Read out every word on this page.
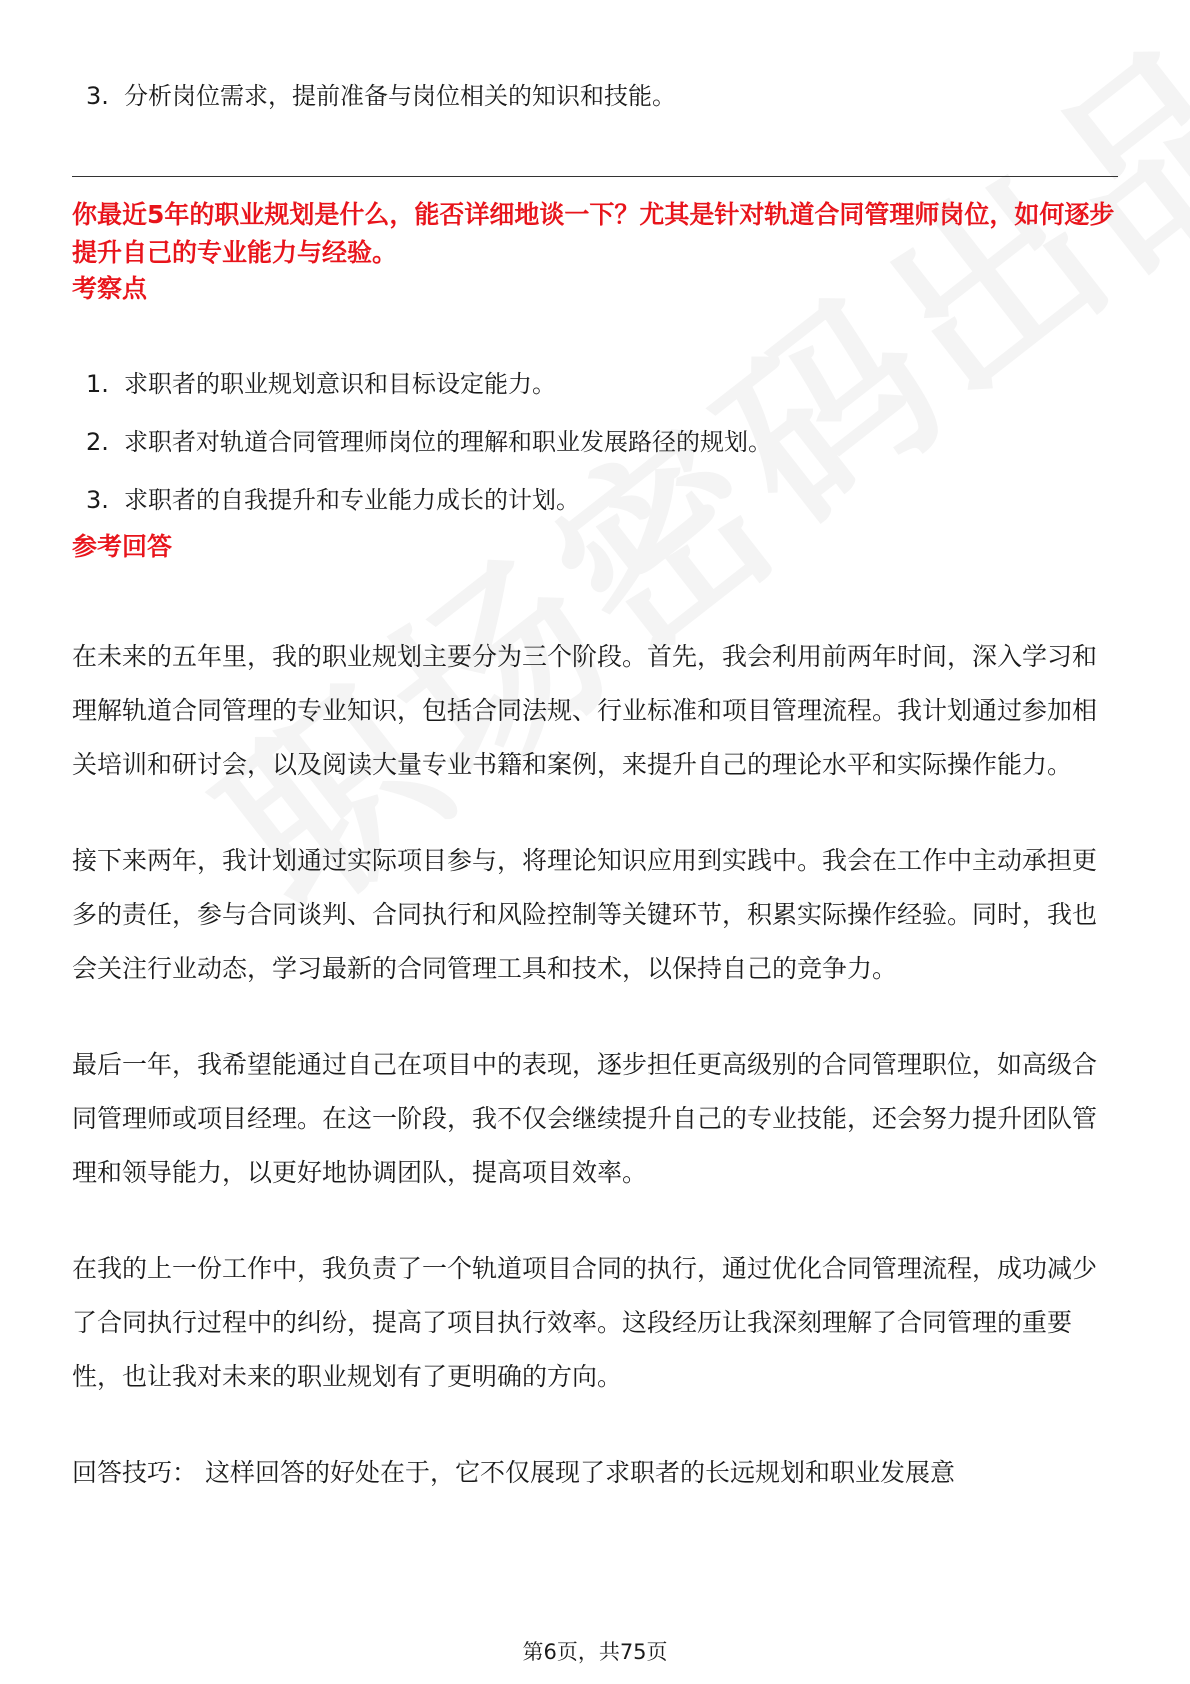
3. 分析岗位需求，提前准备与岗位相关的知识和技能。
你最近5年的职业规划是什么，能否详细地谈一下？尤其是针对轨道合同管理师岗位，如何逐步提升自己的专业能力与经验。
考察点
1. 求职者的职业规划意识和目标设定能力。
2. 求职者对轨道合同管理师岗位的理解和职业发展路径的规划。
3. 求职者的自我提升和专业能力成长的计划。
参考回答

在未来的五年里，我的职业规划主要分为三个阶段。首先，我会利用前两年时间，深入学习和理解轨道合同管理的专业知识，包括合同法规、行业标准和项目管理流程。我计划通过参加相关培训和研讨会，以及阅读大量专业书籍和案例，来提升自己的理论水平和实际操作能力。

接下来两年，我计划通过实际项目参与，将理论知识应用到实践中。我会在工作中主动承担更多的责任，参与合同谈判、合同执行和风险控制等关键环节，积累实际操作经验。同时，我也会关注行业动态，学习最新的合同管理工具和技术，以保持自己的竞争力。

最后一年，我希望能通过自己在项目中的表现，逐步担任更高级别的合同管理职位，如高级合同管理师或项目经理。在这一阶段，我不仅会继续提升自己的专业技能，还会努力提升团队管理和领导能力，以更好地协调团队，提高项目效率。

在我的上一份工作中，我负责了一个轨道项目合同的执行，通过优化合同管理流程，成功减少了合同执行过程中的纠纷，提高了项目执行效率。这段经历让我深刻理解了合同管理的重要性，也让我对未来的职业规划有了更明确的方向。

回答技巧： 这样回答的好处在于，它不仅展现了求职者的长远规划和职业发展意

第6页，共75页
